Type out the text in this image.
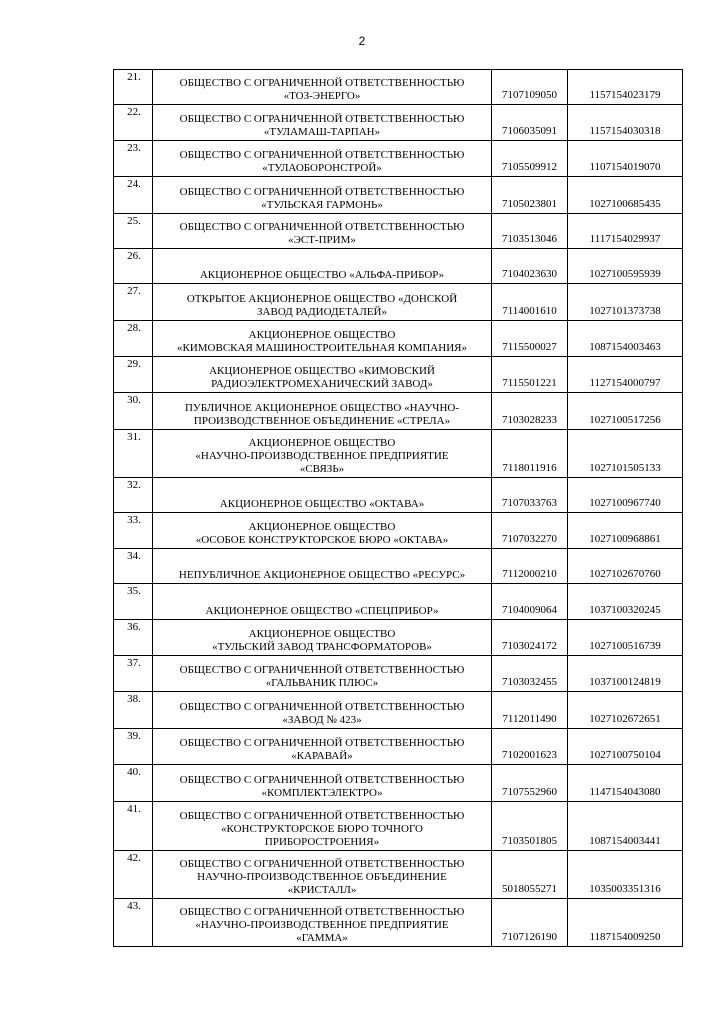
2
21.	ОБЩЕСТВО С ОГРАНИЧЕННОЙ ОТВЕТСТВЕННОСТЬЮ
«ТОЗ-ЭНЕРГО»	7107109050	1157154023179
22.	ОБЩЕСТВО С ОГРАНИЧЕННОЙ ОТВЕТСТВЕННОСТЬЮ
«ТУЛАМАШ-ТАРПАН»	7106035091	1157154030318
23.	ОБЩЕСТВО С ОГРАНИЧЕННОЙ ОТВЕТСТВЕННОСТЬЮ
«ТУЛАОБОРОНСТРОЙ»	7105509912	1107154019070
24.	ОБЩЕСТВО С ОГРАНИЧЕННОЙ ОТВЕТСТВЕННОСТЬЮ
«ТУЛЬСКАЯ ГАРМОНЬ»	7105023801	1027100685435
25.	ОБЩЕСТВО С ОГРАНИЧЕННОЙ ОТВЕТСТВЕННОСТЬЮ
«ЭСТ-ПРИМ»	7103513046	1117154029937
26.	АКЦИОНЕРНОЕ ОБЩЕСТВО «АЛЬФА-ПРИБОР»	7104023630	1027100595939
27.	ОТКРЫТОЕ АКЦИОНЕРНОЕ ОБЩЕСТВО «ДОНСКОЙ
ЗАВОД РАДИОДЕТАЛЕЙ»	7114001610	1027101373738
28.	АКЦИОНЕРНОЕ ОБЩЕСТВО
«КИМОВСКАЯ МАШИНОСТРОИТЕЛЬНАЯ КОМПАНИЯ»	7115500027	1087154003463
29.	АКЦИОНЕРНОЕ ОБЩЕСТВО «КИМОВСКИЙ
РАДИОЭЛЕКТРОМЕХАНИЧЕСКИЙ ЗАВОД»	7115501221	1127154000797
30.	ПУБЛИЧНОЕ АКЦИОНЕРНОЕ ОБЩЕСТВО «НАУЧНО-
ПРОИЗВОДСТВЕННОЕ ОБЪЕДИНЕНИЕ «СТРЕЛА»	7103028233	1027100517256
31.	АКЦИОНЕРНОЕ ОБЩЕСТВО
«НАУЧНО-ПРОИЗВОДСТВЕННОЕ ПРЕДПРИЯТИЕ
«СВЯЗЬ»	7118011916	1027101505133
32.	АКЦИОНЕРНОЕ ОБЩЕСТВО «ОКТАВА»	7107033763	1027100967740
33.	АКЦИОНЕРНОЕ ОБЩЕСТВО
«ОСОБОЕ КОНСТРУКТОРСКОЕ БЮРО «ОКТАВА»	7107032270	1027100968861
34.	НЕПУБЛИЧНОЕ АКЦИОНЕРНОЕ ОБЩЕСТВО «РЕСУРС»	7112000210	1027102670760
35.	АКЦИОНЕРНОЕ ОБЩЕСТВО «СПЕЦПРИБОР»	7104009064	1037100320245
36.	АКЦИОНЕРНОЕ ОБЩЕСТВО
«ТУЛЬСКИЙ ЗАВОД ТРАНСФОРМАТОРОВ»	7103024172	1027100516739
37.	ОБЩЕСТВО С ОГРАНИЧЕННОЙ ОТВЕТСТВЕННОСТЬЮ
«ГАЛЬВАНИК ПЛЮС»	7103032455	1037100124819
38.	ОБЩЕСТВО С ОГРАНИЧЕННОЙ ОТВЕТСТВЕННОСТЬЮ
«ЗАВОД № 423»	7112011490	1027102672651
39.	ОБЩЕСТВО С ОГРАНИЧЕННОЙ ОТВЕТСТВЕННОСТЬЮ
«КАРАВАЙ»	7102001623	1027100750104
40.	ОБЩЕСТВО С ОГРАНИЧЕННОЙ ОТВЕТСТВЕННОСТЬЮ
«КОМПЛЕКТЭЛЕКТРО»	7107552960	1147154043080
41.	ОБЩЕСТВО С ОГРАНИЧЕННОЙ ОТВЕТСТВЕННОСТЬЮ
«КОНСТРУКТОРСКОЕ БЮРО ТОЧНОГО
ПРИБОРОСТРОЕНИЯ»	7103501805	1087154003441
42.	ОБЩЕСТВО С ОГРАНИЧЕННОЙ ОТВЕТСТВЕННОСТЬЮ
НАУЧНО-ПРОИЗВОДСТВЕННОЕ ОБЪЕДИНЕНИЕ
«КРИСТАЛЛ»	5018055271	1035003351316
43.	ОБЩЕСТВО С ОГРАНИЧЕННОЙ ОТВЕТСТВЕННОСТЬЮ
«НАУЧНО-ПРОИЗВОДСТВЕННОЕ ПРЕДПРИЯТИЕ
«ГАММА»	7107126190	1187154009250
